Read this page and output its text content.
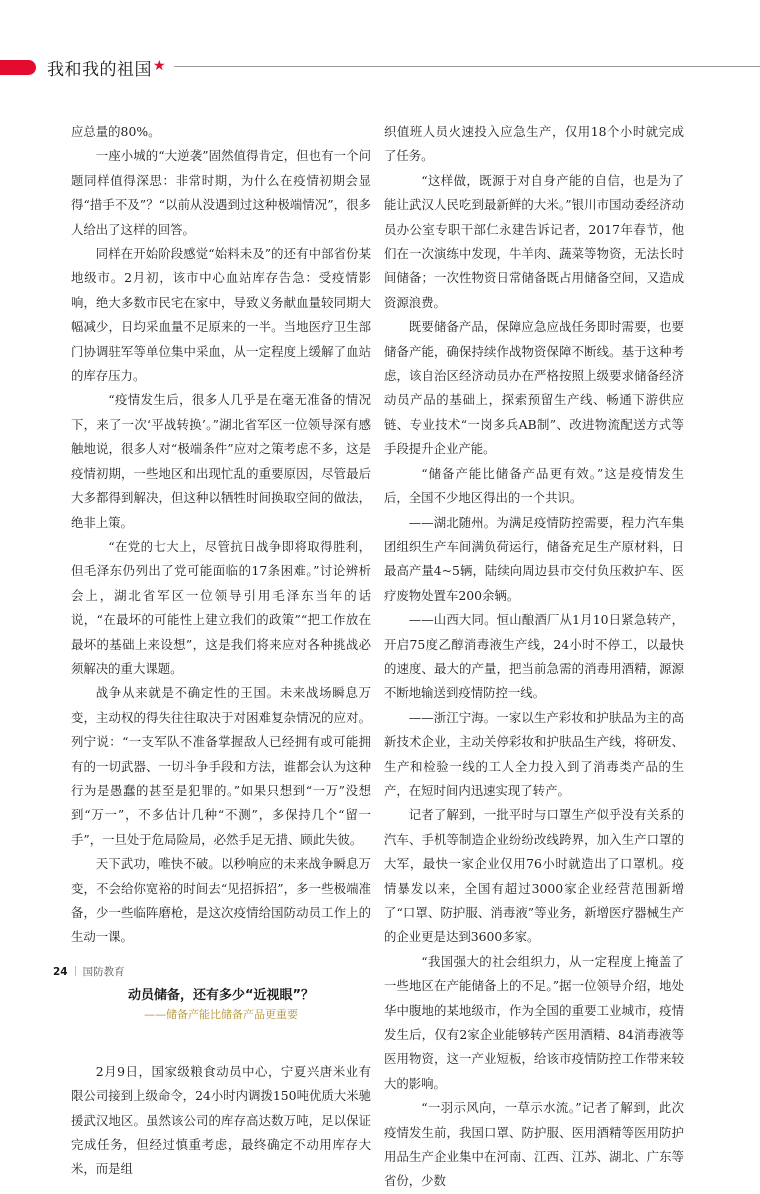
我和我的祖国 ★

应总量的80%。

一座小城的“大逆袭”固然值得肯定，但也有一个问题同样值得深思：非常时期，为什么在疫情初期会显得“措手不及”？“以前从没遇到过这种极端情况”，很多人给出了这样的回答。

同样在开始阶段感觉“始料未及”的还有中部省份某地级市。2月初，该市中心血站库存告急：受疫情影响，绝大多数市民宅在家中，导致义务献血量较同期大幅减少，日均采血量不足原来的一半。当地医疗卫生部门协调驻军等单位集中采血，从一定程度上缓解了血站的库存压力。

“疫情发生后，很多人几乎是在毫无准备的情况下，来了一次‘平战转换’。”湖北省军区一位领导深有感触地说，很多人对“极端条件”应对之策考虑不多，这是疫情初期，一些地区和出现忙乱的重要原因，尽管最后大多都得到解决，但这种以牺牲时间换取空间的做法，绝非上策。

“在党的七大上，尽管抗日战争即将取得胜利，但毛泽东仍列出了党可能面临的17条困难。”讨论辨析会上，湖北省军区一位领导引用毛泽东当年的话说，“在最坏的可能性上建立我们的政策”“把工作放在最坏的基础上来设想”，这是我们将来应对各种挑战必须解决的重大课题。

战争从来就是不确定性的王国。未来战场瞬息万变，主动权的得失往往取决于对困难复杂情况的应对。列宁说：“一支军队不准备掌握敌人已经拥有或可能拥有的一切武器、一切斗争手段和方法，谁都会认为这种行为是愚蠢的甚至是犯罪的。”如果只想到“一万”没想到“万一”，不多估计几种“不测”，多保持几个“留一手”，一旦处于危局险局，必然手足无措、顾此失彼。

天下武功，唯快不破。以秒响应的未来战争瞬息万变，不会给你宽裕的时间去“见招拆招”，多一些极端准备，少一些临阵磨枪，是这次疫情给国防动员工作上的生动一课。

动员储备，还有多少“近视眼”？
——储备产能比储备产品更重要

2月9日，国家级粮食动员中心，宁夏兴唐米业有限公司接到上级命令，24小时内调拨150吨优质大米驰援武汉地区。虽然该公司的库存高达数万吨，足以保证完成任务，但经过慎重考虑，最终确定不动用库存大米，而是组

织值班人员火速投入应急生产，仅用18个小时就完成了任务。

“这样做，既源于对自身产能的自信，也是为了能让武汉人民吃到最新鲜的大米。”银川市国动委经济动员办公室专职干部仁永建告诉记者，2017年春节，他们在一次演练中发现，牛羊肉、蔬菜等物资，无法长时间储备；一次性物资日常储备既占用储备空间，又造成资源浪费。

既要储备产品，保障应急应战任务即时需要，也要储备产能，确保持续作战物资保障不断线。基于这种考虑，该自治区经济动员办在严格按照上级要求储备经济动员产品的基础上，探索预留生产线、畅通下游供应链、专业技术“一岗多兵AB制”、改进物流配送方式等手段提升企业产能。

“储备产能比储备产品更有效。”这是疫情发生后，全国不少地区得出的一个共识。

——湖北随州。为满足疫情防控需要，程力汽车集团组织生产车间满负荷运行，储备充足生产原材料，日最高产量4~5辆，陆续向周边县市交付负压救护车、医疗废物处置车200余辆。

——山西大同。恒山酿酒厂从1月10日紧急转产，开启75度乙醇消毒液生产线，24小时不停工，以最快的速度、最大的产量，把当前急需的消毒用酒精，源源不断地输送到疫情防控一线。

——浙江宁海。一家以生产彩妆和护肤品为主的高新技术企业，主动关停彩妆和护肤品生产线，将研发、生产和检验一线的工人全力投入到了消毒类产品的生产，在短时间内迅速实现了转产。

记者了解到，一批平时与口罩生产似乎没有关系的汽车、手机等制造企业纷纷改线跨界，加入生产口罩的大军，最快一家企业仅用76小时就造出了口罩机。疫情暴发以来，全国有超过3000家企业经营范围新增了“口罩、防护服、消毒液”等业务，新增医疗器械生产的企业更是达到3600多家。

“我国强大的社会组织力，从一定程度上掩盖了一些地区在产能储备上的不足。”据一位领导介绍，地处华中腹地的某地级市，作为全国的重要工业城市，疫情发生后，仅有2家企业能够转产医用酒精、84消毒液等医用物资，这一产业短板，给该市疫情防控工作带来较大的影响。

“一羽示风向，一草示水流。”记者了解到，此次疫情发生前，我国口罩、防护服、医用酒精等医用防护用品生产企业集中在河南、江西、江苏、湖北、广东等省份，少数

24 国防教育
